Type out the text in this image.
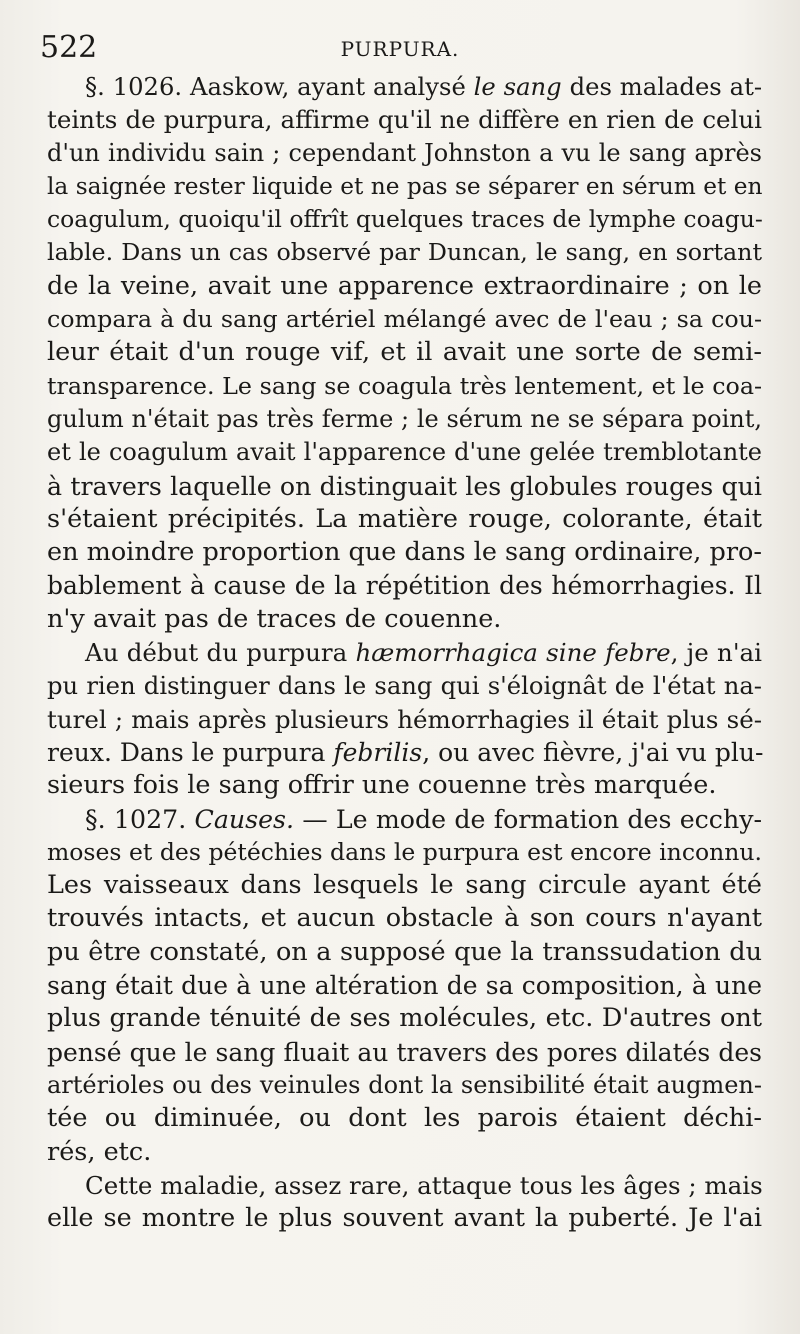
522	PURPURA.
§. 1026. Aaskow, ayant analysé le sang des malades at-
teints de purpura, affirme qu'il ne diffère en rien de celui
d'un individu sain ; cependant Johnston a vu le sang après
la saignée rester liquide et ne pas se séparer en sérum et en
coagulum, quoiqu'il offrît quelques traces de lymphe coagu-
lable. Dans un cas observé par Duncan, le sang, en sortant
de la veine, avait une apparence extraordinaire ; on le
compara à du sang artériel mélangé avec de l'eau ; sa cou-
leur était d'un rouge vif, et il avait une sorte de semi-
transparence. Le sang se coagula très lentement, et le coa-
gulum n'était pas très ferme ; le sérum ne se sépara point,
et le coagulum avait l'apparence d'une gelée tremblotante
à travers laquelle on distinguait les globules rouges qui
s'étaient précipités. La matière rouge, colorante, était
en moindre proportion que dans le sang ordinaire, pro-
bablement à cause de la répétition des hémorrhagies. Il
n'y avait pas de traces de couenne.
Au début du purpura hæmorrhagica sine febre, je n'ai
pu rien distinguer dans le sang qui s'éloignât de l'état na-
turel ; mais après plusieurs hémorrhagies il était plus sé-
reux. Dans le purpura febrilis, ou avec fièvre, j'ai vu plu-
sieurs fois le sang offrir une couenne très marquée.
§. 1027. Causes. — Le mode de formation des ecchy-
moses et des pétéchies dans le purpura est encore inconnu.
Les vaisseaux dans lesquels le sang circule ayant été
trouvés intacts, et aucun obstacle à son cours n'ayant
pu être constaté, on a supposé que la transsudation du
sang était due à une altération de sa composition, à une
plus grande ténuité de ses molécules, etc. D'autres ont
pensé que le sang fluait au travers des pores dilatés des
artérioles ou des veinules dont la sensibilité était augmen-
tée ou diminuée, ou dont les parois étaient déchi-
rés, etc.
Cette maladie, assez rare, attaque tous les âges ; mais
elle se montre le plus souvent avant la puberté. Je l'ai
